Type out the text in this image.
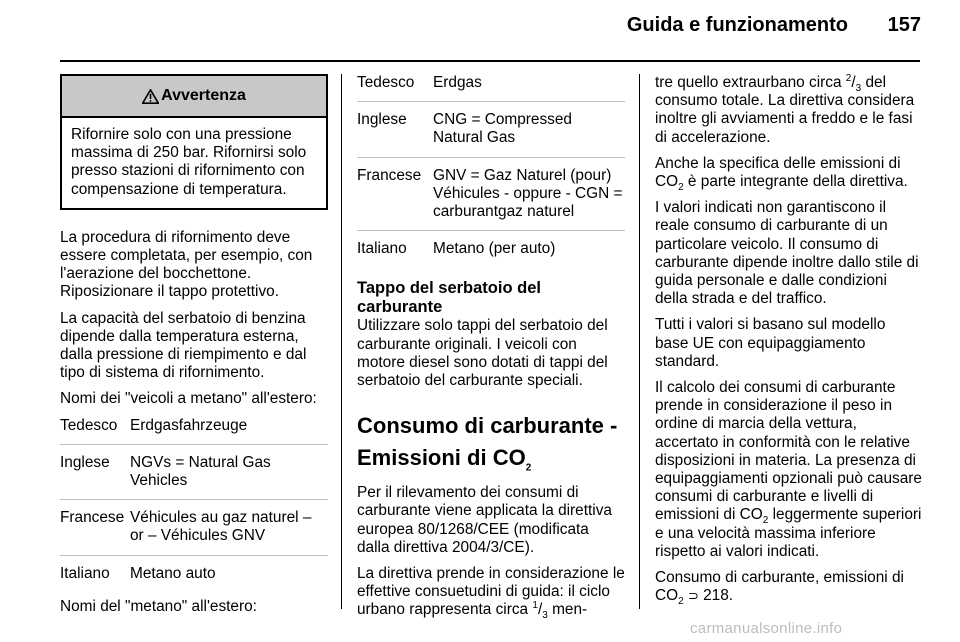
Guida e funzionamento 157
Avvertenza
Rifornire solo con una pressione massima di 250 bar. Rifornirsi solo presso stazioni di rifornimento con compensazione di temperatura.

La procedura di rifornimento deve essere completata, per esempio, con l'aerazione del bocchettone. Riposizionare il tappo protettivo.

La capacità del serbatoio di benzina dipende dalla temperatura esterna, dalla pressione di riempimento e dal tipo di sistema di rifornimento.

Nomi dei "veicoli a metano" all'estero:

Tedesco	Erdgasfahrzeuge
Inglese	NGVs = Natural Gas Vehicles
Francese	Véhicules au gaz naturel – or – Véhicules GNV
Italiano	Metano auto

Nomi del "metano" all'estero:

Tedesco	Erdgas
Inglese	CNG = Compressed Natural Gas
Francese	GNV = Gaz Naturel (pour) Véhicules - oppure - CGN = carburantgaz naturel
Italiano	Metano (per auto)
Tappo del serbatoio del carburante

Utilizzare solo tappi del serbatoio del carburante originali. I veicoli con motore diesel sono dotati di tappi del serbatoio del carburante speciali.

Consumo di carburante - Emissioni di $CO_2$

Per il rilevamento dei consumi di carburante viene applicata la direttiva europea 80/1268/CEE (modificata dalla direttiva 2004/3/CE).

La direttiva prende in considerazione le effettive consuetudini di guida: il ciclo urbano rappresenta circa $^1/_3$ men-

tre quello extraurbano circa $^2/_3$ del consumo totale. La direttiva considera inoltre gli avviamenti a freddo e le fasi di accelerazione.

Anche la specifica delle emissioni di $CO_2$ è parte integrante della direttiva.

I valori indicati non garantiscono il reale consumo di carburante di un particolare veicolo. Il consumo di carburante dipende inoltre dallo stile di guida personale e dalle condizioni della strada e del traffico.

Tutti i valori si basano sul modello base UE con equipaggiamento standard.

Il calcolo dei consumi di carburante prende in considerazione il peso in ordine di marcia della vettura, accertato in conformità con le relative disposizioni in materia. La presenza di equipaggiamenti opzionali può causare consumi di carburante e livelli di emissioni di $CO_2$ leggermente superiori e una velocità massima inferiore rispetto ai valori indicati.

Consumo di carburante, emissioni di $CO_2$ ⊃ 218.

carmanualsonline.info
